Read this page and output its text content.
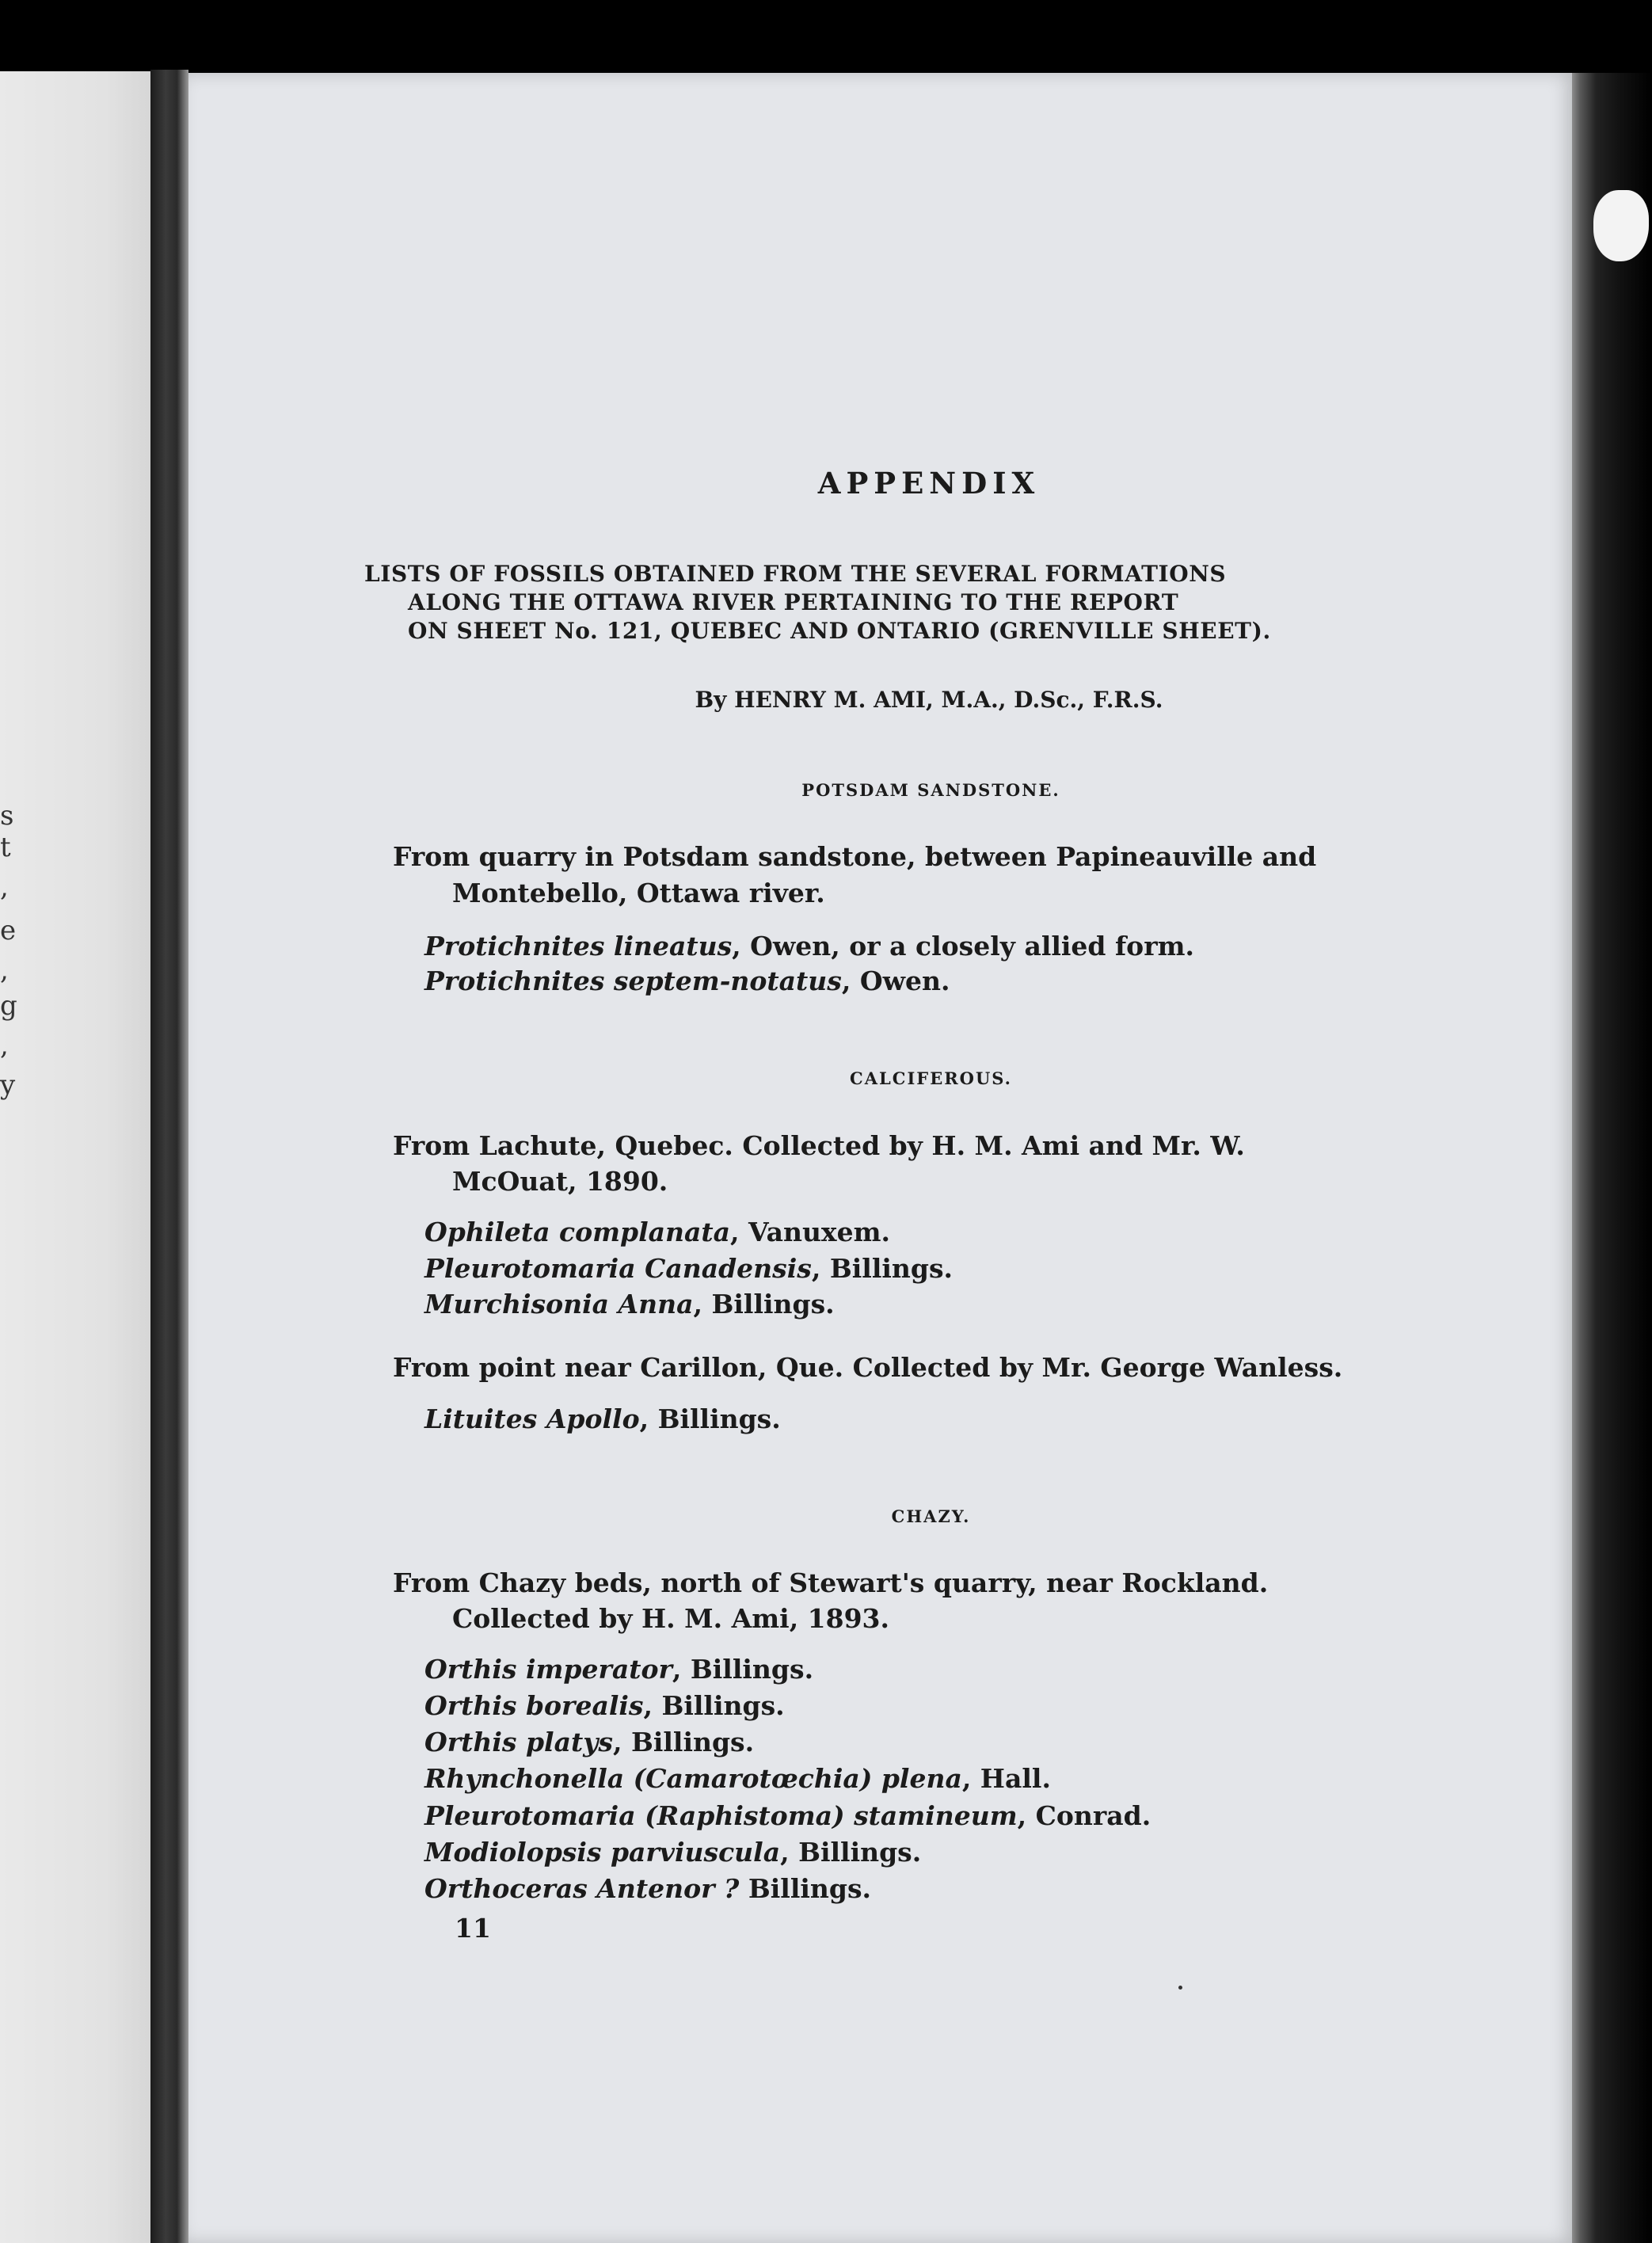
s
t
,
e
,
g
,
y
APPENDIX
LISTS OF FOSSILS OBTAINED FROM THE SEVERAL FORMATIONS
ALONG THE OTTAWA RIVER PERTAINING TO THE REPORT
ON SHEET No. 121, QUEBEC AND ONTARIO (GRENVILLE SHEET).
By HENRY M. AMI, M.A., D.Sc., F.R.S.
POTSDAM SANDSTONE.
From quarry in Potsdam sandstone, between Papineauville and
Montebello, Ottawa river.
Protichnites lineatus, Owen, or a closely allied form.
Protichnites septem-notatus, Owen.
CALCIFEROUS.
From Lachute, Quebec. Collected by H. M. Ami and Mr. W.
McOuat, 1890.
Ophileta complanata, Vanuxem.
Pleurotomaria Canadensis, Billings.
Murchisonia Anna, Billings.
From point near Carillon, Que. Collected by Mr. George Wanless.
Lituites Apollo, Billings.
CHAZY.
From Chazy beds, north of Stewart's quarry, near Rockland.
Collected by H. M. Ami, 1893.
Orthis imperator, Billings.
Orthis borealis, Billings.
Orthis platys, Billings.
Rhynchonella (Camarotœchia) plena, Hall.
Pleurotomaria (Raphistoma) stamineum, Conrad.
Modiolopsis parviuscula, Billings.
Orthoceras Antenor ? Billings.
11
